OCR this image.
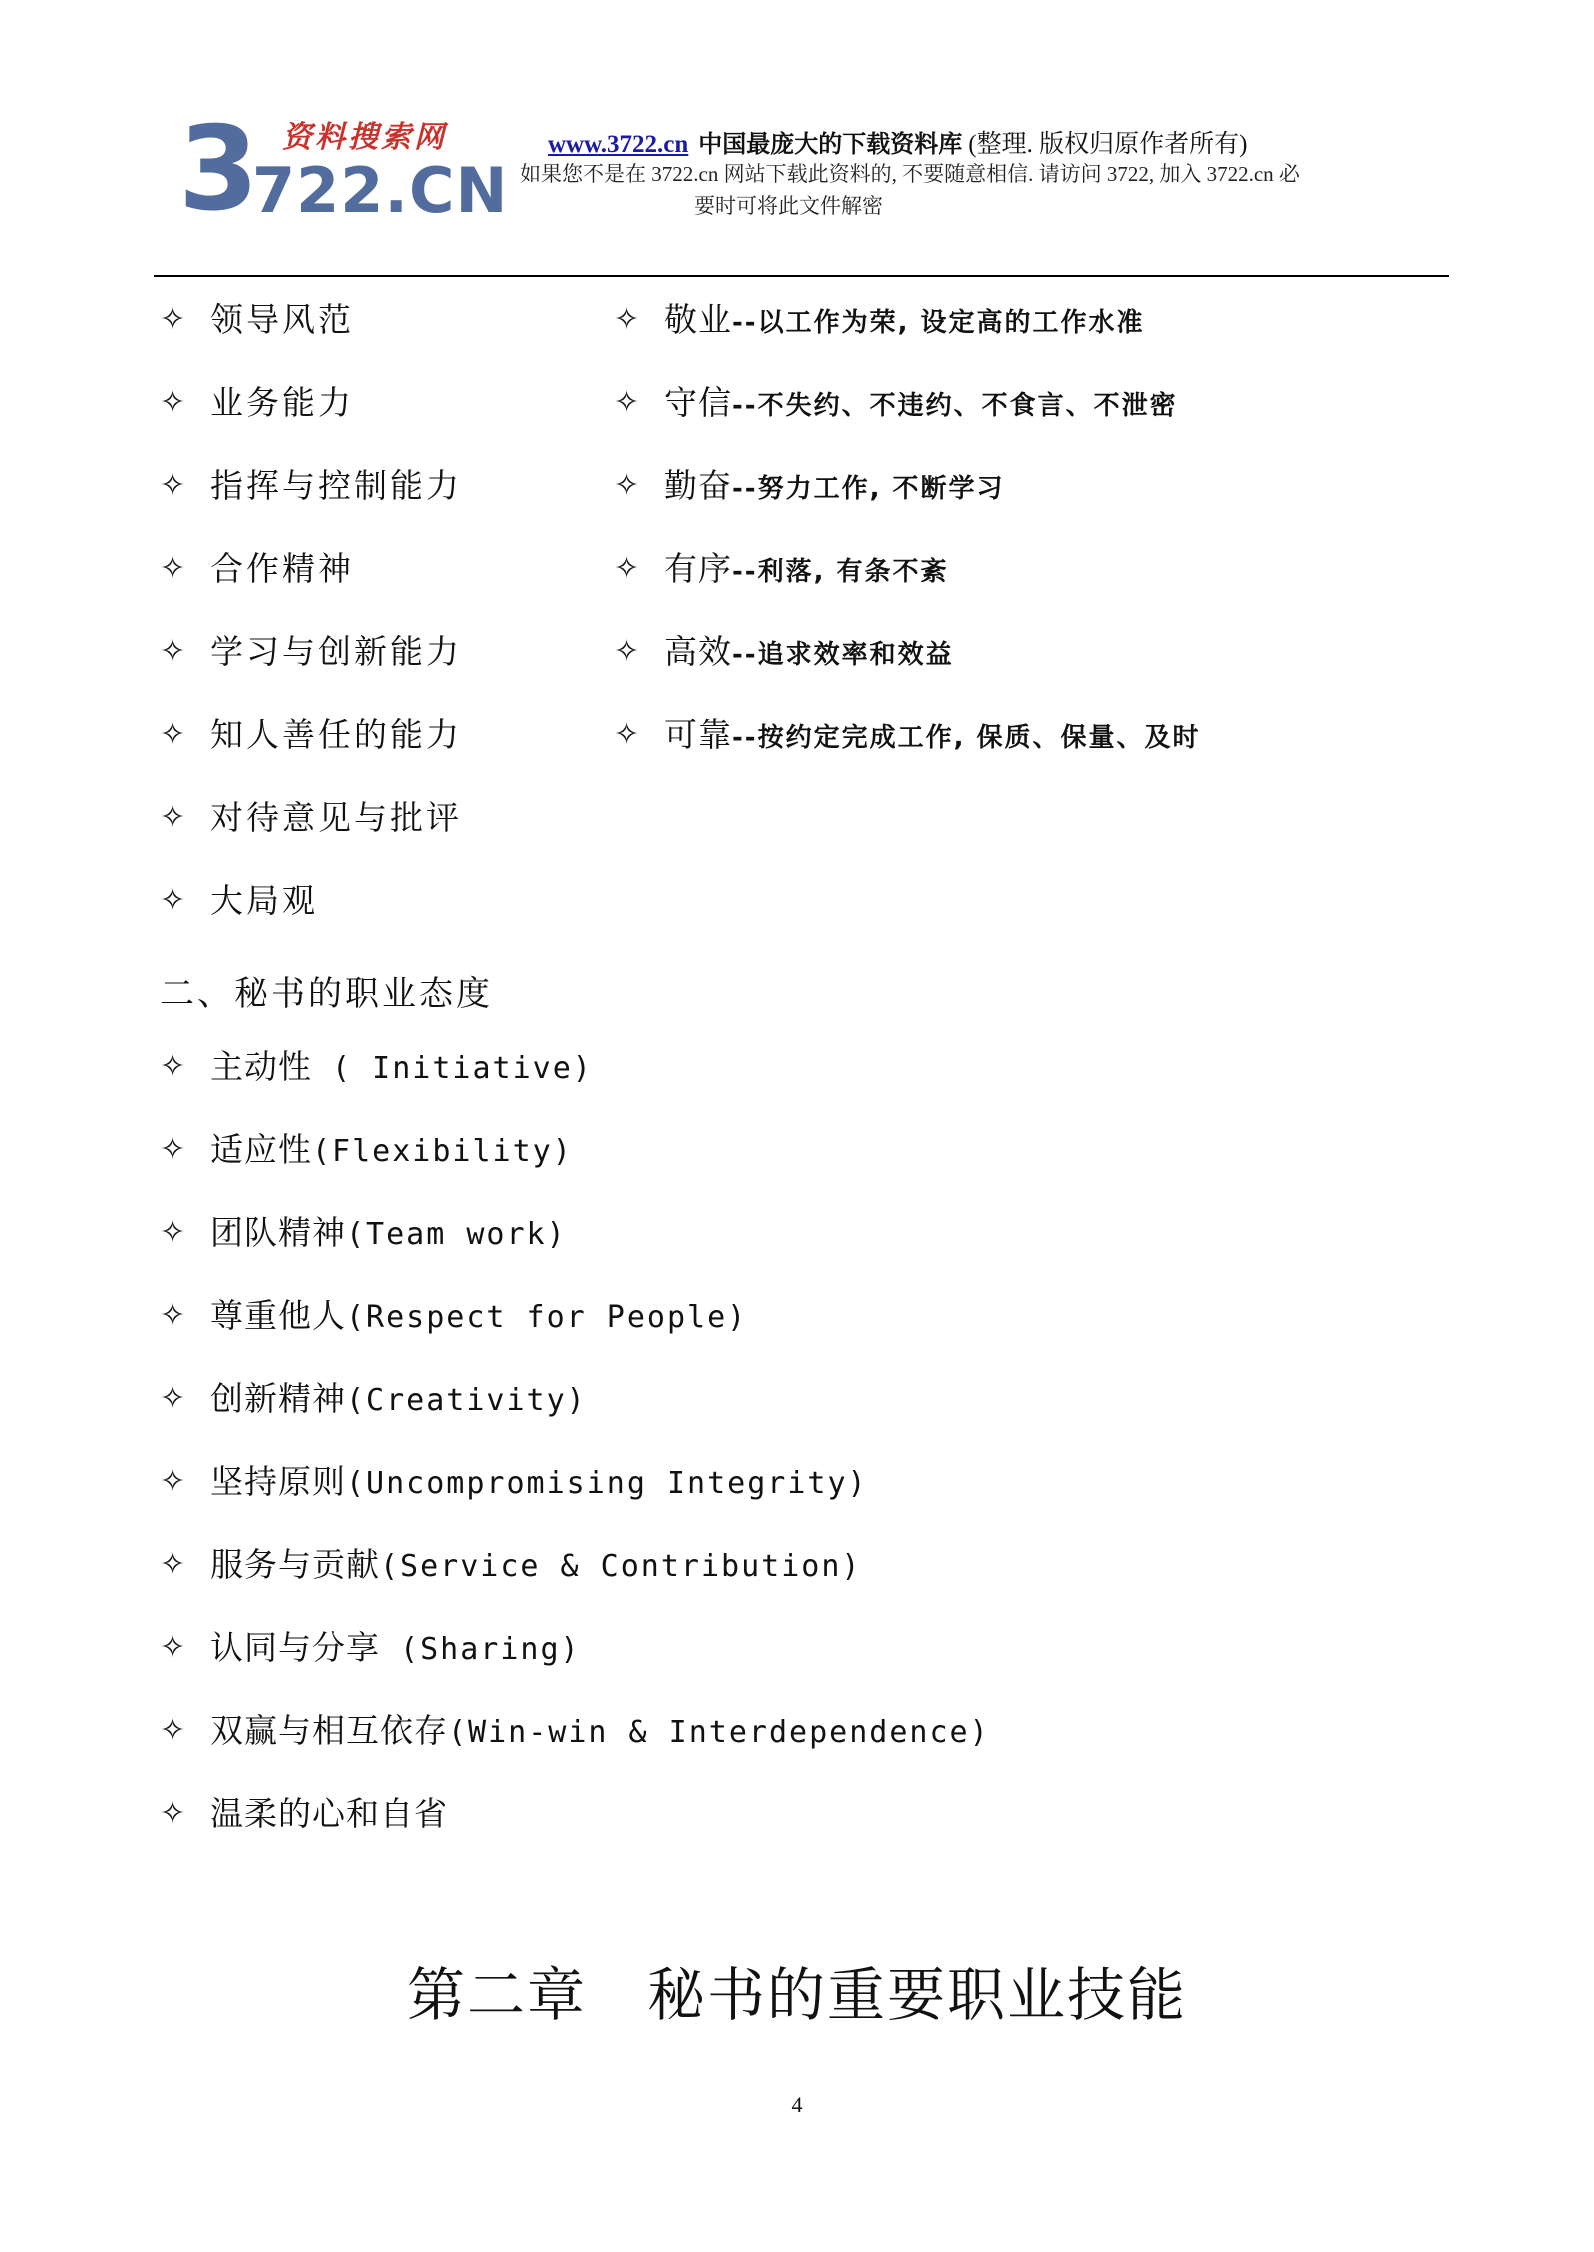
3 资料搜索网
722.CN
www.3722.cn 中国最庞大的下载资料库 (整理. 版权归原作者所有)
如果您不是在 3722.cn 网站下载此资料的, 不要随意相信. 请访问 3722, 加入 3722.cn 必
要时可将此文件解密
✧ 领导风范
✧ 业务能力
✧ 指挥与控制能力
✧ 合作精神
✧ 学习与创新能力
✧ 知人善任的能力
✧ 对待意见与批评
✧ 大局观
✧ 敬业--以工作为荣, 设定高的工作水准
✧ 守信--不失约、不违约、不食言、不泄密
✧ 勤奋--努力工作, 不断学习
✧ 有序--利落, 有条不紊
✧ 高效--追求效率和效益
✧ 可靠--按约定完成工作, 保质、保量、及时
二、秘书的职业态度
✧ 主动性 ( Initiative)
✧ 适应性(Flexibility)
✧ 团队精神(Team work)
✧ 尊重他人(Respect for People)
✧ 创新精神(Creativity)
✧ 坚持原则(Uncompromising Integrity)
✧ 服务与贡献(Service & Contribution)
✧ 认同与分享 (Sharing)
✧ 双赢与相互依存(Win-win & Interdependence)
✧ 温柔的心和自省
第二章 秘书的重要职业技能
4
